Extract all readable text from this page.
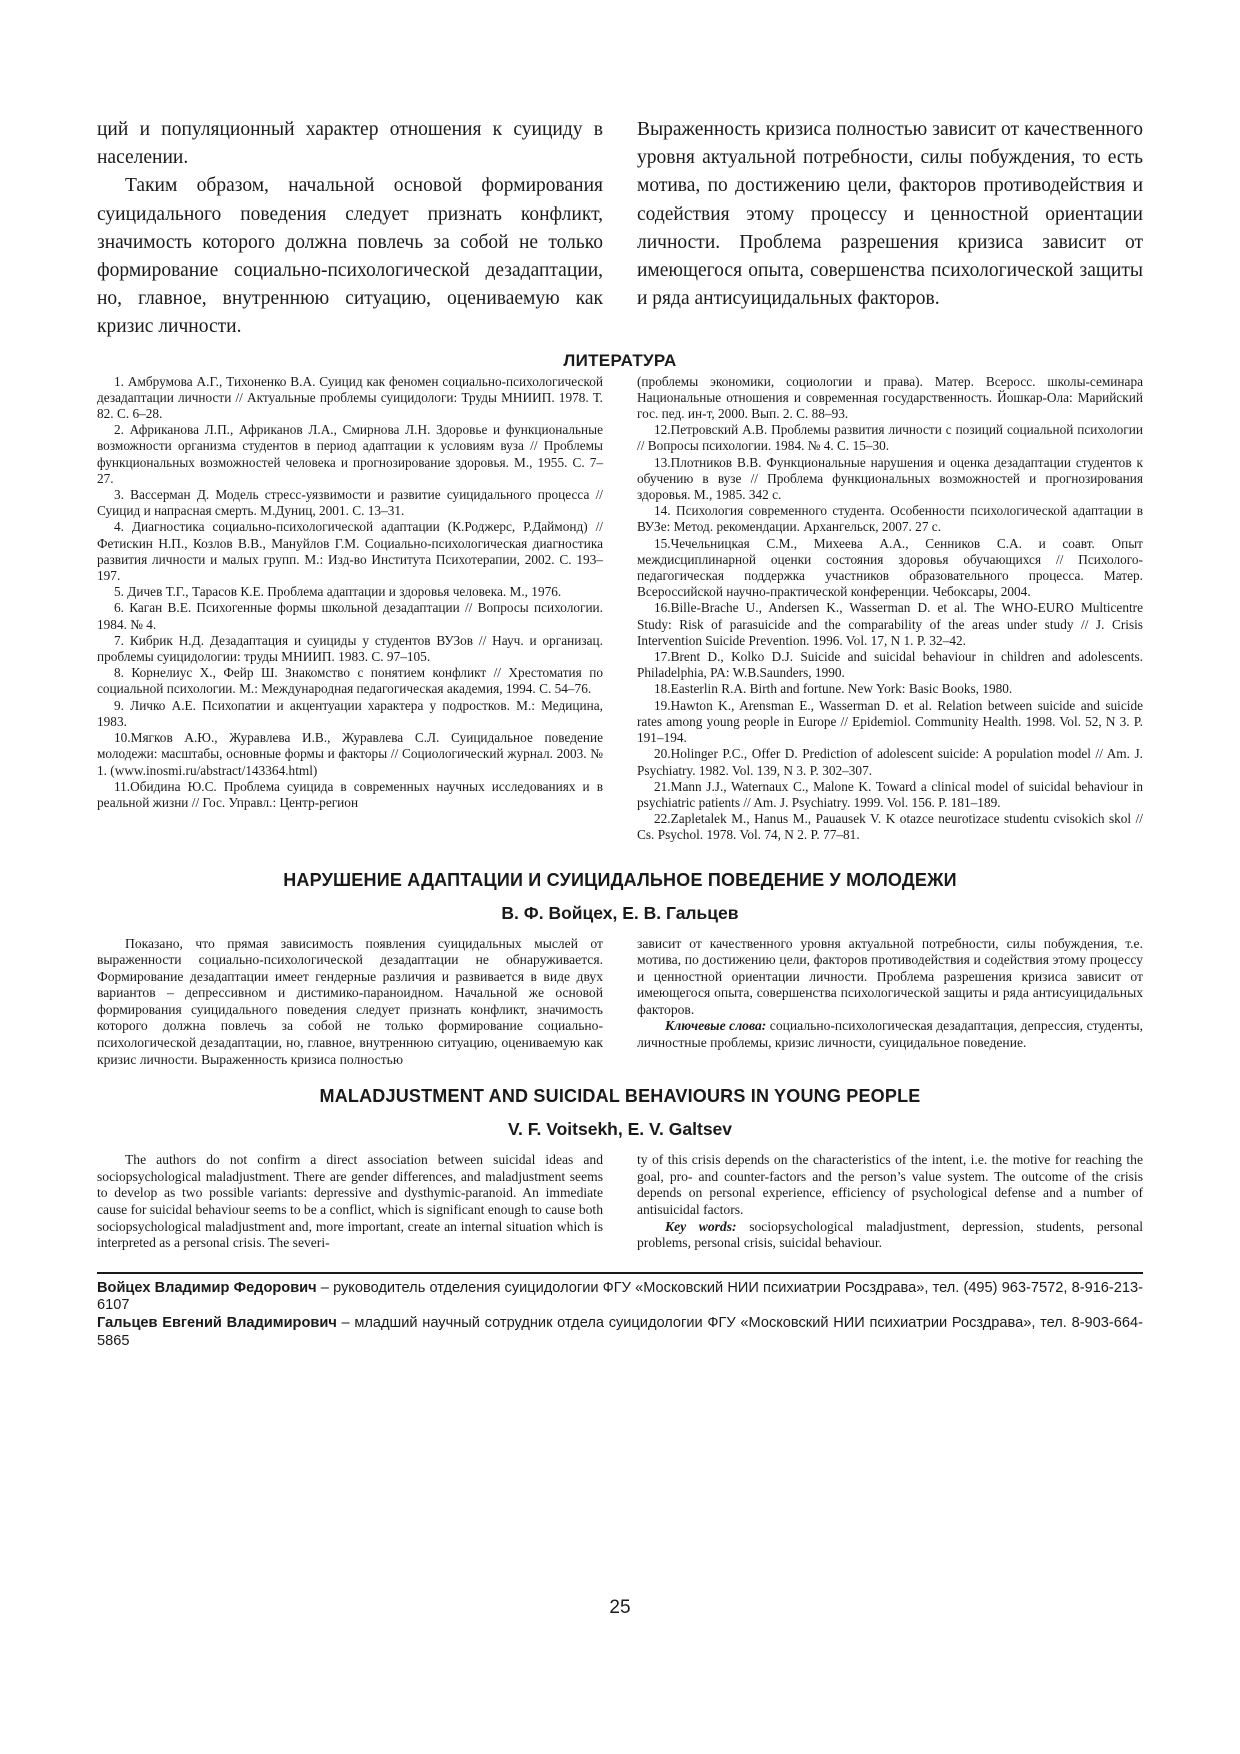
ций и популяционный характер отношения к суициду в населении.

Таким образом, начальной основой формирования суицидального поведения следует признать конфликт, значимость которого должна повлечь за собой не только формирование социально-психологической дезадаптации, но, главное, внутреннюю ситуацию, оцениваемую как кризис личности.

Выраженность кризиса полностью зависит от качественного уровня актуальной потребности, силы побуждения, то есть мотива, по достижению цели, факторов противодействия и содействия этому процессу и ценностной ориентации личности. Проблема разрешения кризиса зависит от имеющегося опыта, совершенства психологической защиты и ряда антисуицидальных факторов.

ЛИТЕРАТУРА

1. Амбрумова А.Г., Тихоненко В.А. Суицид как феномен социально-психологической дезадаптации личности // Актуальные проблемы суицидологи: Труды МНИИП. 1978. Т. 82. С. 6–28.

2. Африканова Л.П., Африканов Л.А., Смирнова Л.Н. Здоровье и функциональные возможности организма студентов в период адаптации к условиям вуза // Проблемы функциональных возможностей человека и прогнозирование здоровья. М., 1955. С. 7–27.

3. Вассерман Д. Модель стресс-уязвимости и развитие суицидального процесса // Суицид и напрасная смерть. М.Дуниц, 2001. С. 13–31.

4. Диагностика социально-психологической адаптации (К.Роджерс, Р.Даймонд) // Фетискин Н.П., Козлов В.В., Мануйлов Г.М. Социально-психологическая диагностика развития личности и малых групп. М.: Изд-во Института Психотерапии, 2002. С. 193–197.

5. Дичев Т.Г., Тарасов К.Е. Проблема адаптации и здоровья человека. М., 1976.

6. Каган В.Е. Психогенные формы школьной дезадаптации // Вопросы психологии. 1984. № 4.

7. Кибрик Н.Д. Дезадаптация и суициды у студентов ВУЗов // Науч. и организац. проблемы суицидологии: труды МНИИП. 1983. С. 97–105.

8. Корнелиус Х., Фейр Ш. Знакомство с понятием конфликт // Хрестоматия по социальной психологии. М.: Международная педагогическая академия, 1994. С. 54–76.

9. Личко А.Е. Психопатии и акцентуации характера у подростков. М.: Медицина, 1983.

10.Мягков А.Ю., Журавлева И.В., Журавлева С.Л. Суицидальное поведение молодежи: масштабы, основные формы и факторы // Социологический журнал. 2003. № 1. (www.inosmi.ru/abstract/143364.html)

11.Обидина Ю.С. Проблема суицида в современных научных исследованиях и в реальной жизни // Гос. Управл.: Центр-регион

(проблемы экономики, социологии и права). Матер. Всеросс. школы-семинара Национальные отношения и современная государственность. Йошкар-Ола: Марийский гос. пед. ин-т, 2000. Вып. 2. С. 88–93.

12.Петровский А.В. Проблемы развития личности с позиций социальной психологии // Вопросы психологии. 1984. № 4. С. 15–30.

13.Плотников В.В. Функциональные нарушения и оценка дезадаптации студентов к обучению в вузе // Проблема функциональных возможностей и прогнозирования здоровья. М., 1985. 342 с.

14. Психология современного студента. Особенности психологической адаптации в ВУЗе: Метод. рекомендации. Архангельск, 2007. 27 с.

15.Чечельницкая С.М., Михеева А.А., Сенников С.А. и соавт. Опыт междисциплинарной оценки состояния здоровья обучающихся // Психолого-педагогическая поддержка участников образовательного процесса. Матер. Всероссийской научно-практической конференции. Чебоксары, 2004.

16.Bille-Brache U., Andersen K., Wasserman D. et al. The WHO-EURO Multicentre Study: Risk of parasuicide and the comparability of the areas under study // J. Crisis Intervention Suicide Prevention. 1996. Vol. 17, N 1. P. 32–42.

17.Brent D., Kolko D.J. Suicide and suicidal behaviour in children and adolescents. Philadelphia, PA: W.B.Saunders, 1990.

18.Easterlin R.A. Birth and fortune. New York: Basic Books, 1980.

19.Hawton K., Arensman E., Wasserman D. et al. Relation between suicide and suicide rates among young people in Europe // Epidemiol. Community Health. 1998. Vol. 52, N 3. P. 191–194.

20.Holinger P.C., Offer D. Prediction of adolescent suicide: A population model // Am. J. Psychiatry. 1982. Vol. 139, N 3. P. 302–307.

21.Mann J.J., Waternaux C., Malone K. Toward a clinical model of suicidal behaviour in psychiatric patients // Am. J. Psychiatry. 1999. Vol. 156. P. 181–189.

22.Zapletalek M., Hanus M., Pauausek V. K otazce neurotizace studentu cvisokich skol // Cs. Psychol. 1978. Vol. 74, N 2. P. 77–81.

НАРУШЕНИЕ АДАПТАЦИИ И СУИЦИДАЛЬНОЕ ПОВЕДЕНИЕ У МОЛОДЕЖИ
В. Ф. Войцех, Е. В. Гальцев

Показано, что прямая зависимость появления суицидальных мыслей от выраженности социально-психологической дезадаптации не обнаруживается. Формирование дезадаптации имеет гендерные различия и развивается в виде двух вариантов – депрессивном и дистимико-параноидном. Начальной же основой формирования суицидального поведения следует признать конфликт, значимость которого должна повлечь за собой не только формирование социально-психологической дезадаптации, но, главное, внутреннюю ситуацию, оцениваемую как кризис личности. Выраженность кризиса полностью

зависит от качественного уровня актуальной потребности, силы побуждения, т.е. мотива, по достижению цели, факторов противодействия и содействия этому процессу и ценностной ориентации личности. Проблема разрешения кризиса зависит от имеющегося опыта, совершенства психологической защиты и ряда антисуицидальных факторов.

Ключевые слова: социально-психологическая дезадаптация, депрессия, студенты, личностные проблемы, кризис личности, суицидальное поведение.

MALADJUSTMENT AND SUICIDAL BEHAVIOURS IN YOUNG PEOPLE
V. F. Voitsekh, E. V. Galtsev

The authors do not confirm a direct association between suicidal ideas and sociopsychological maladjustment. There are gender differences, and maladjustment seems to develop as two possible variants: depressive and dysthymic-paranoid. An immediate cause for suicidal behaviour seems to be a conflict, which is significant enough to cause both sociopsychological maladjustment and, more important, create an internal situation which is interpreted as a personal crisis. The severi-

ty of this crisis depends on the characteristics of the intent, i.e. the motive for reaching the goal, pro- and counter-factors and the person’s value system. The outcome of the crisis depends on personal experience, efficiency of psychological defense and a number of antisuicidal factors.

Key words: sociopsychological maladjustment, depression, students, personal problems, personal crisis, suicidal behaviour.

Войцех Владимир Федорович – руководитель отделения суицидологии ФГУ «Московский НИИ психиатрии Росздрава», тел. (495) 963-7572, 8-916-213-6107

Гальцев Евгений Владимирович – младший научный сотрудник отдела суицидологии ФГУ «Московский НИИ психиатрии Росздрава», тел. 8-903-664-5865

25
